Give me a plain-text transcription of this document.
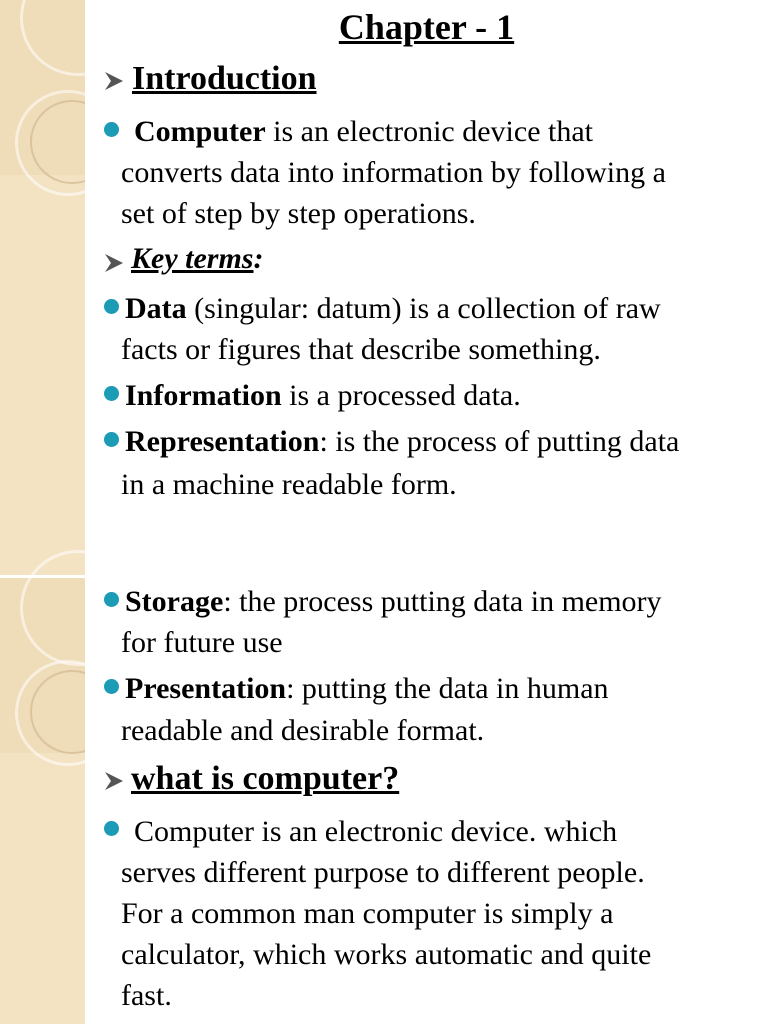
Chapter - 1
Introduction
Computer is an electronic device that
converts data into information by following a
set of step by step operations.
Key terms:
Data (singular: datum) is a collection of raw
facts or figures that describe something.
Information is a processed data.
Representation: is the process of putting data
in a machine readable form.
Storage: the process putting data in memory
for future use
Presentation: putting the data in human
readable and desirable format.
what is computer?
Computer is an electronic device. which
serves different purpose to different people.
For a common man computer is simply a
calculator, which works automatic and quite
fast.
